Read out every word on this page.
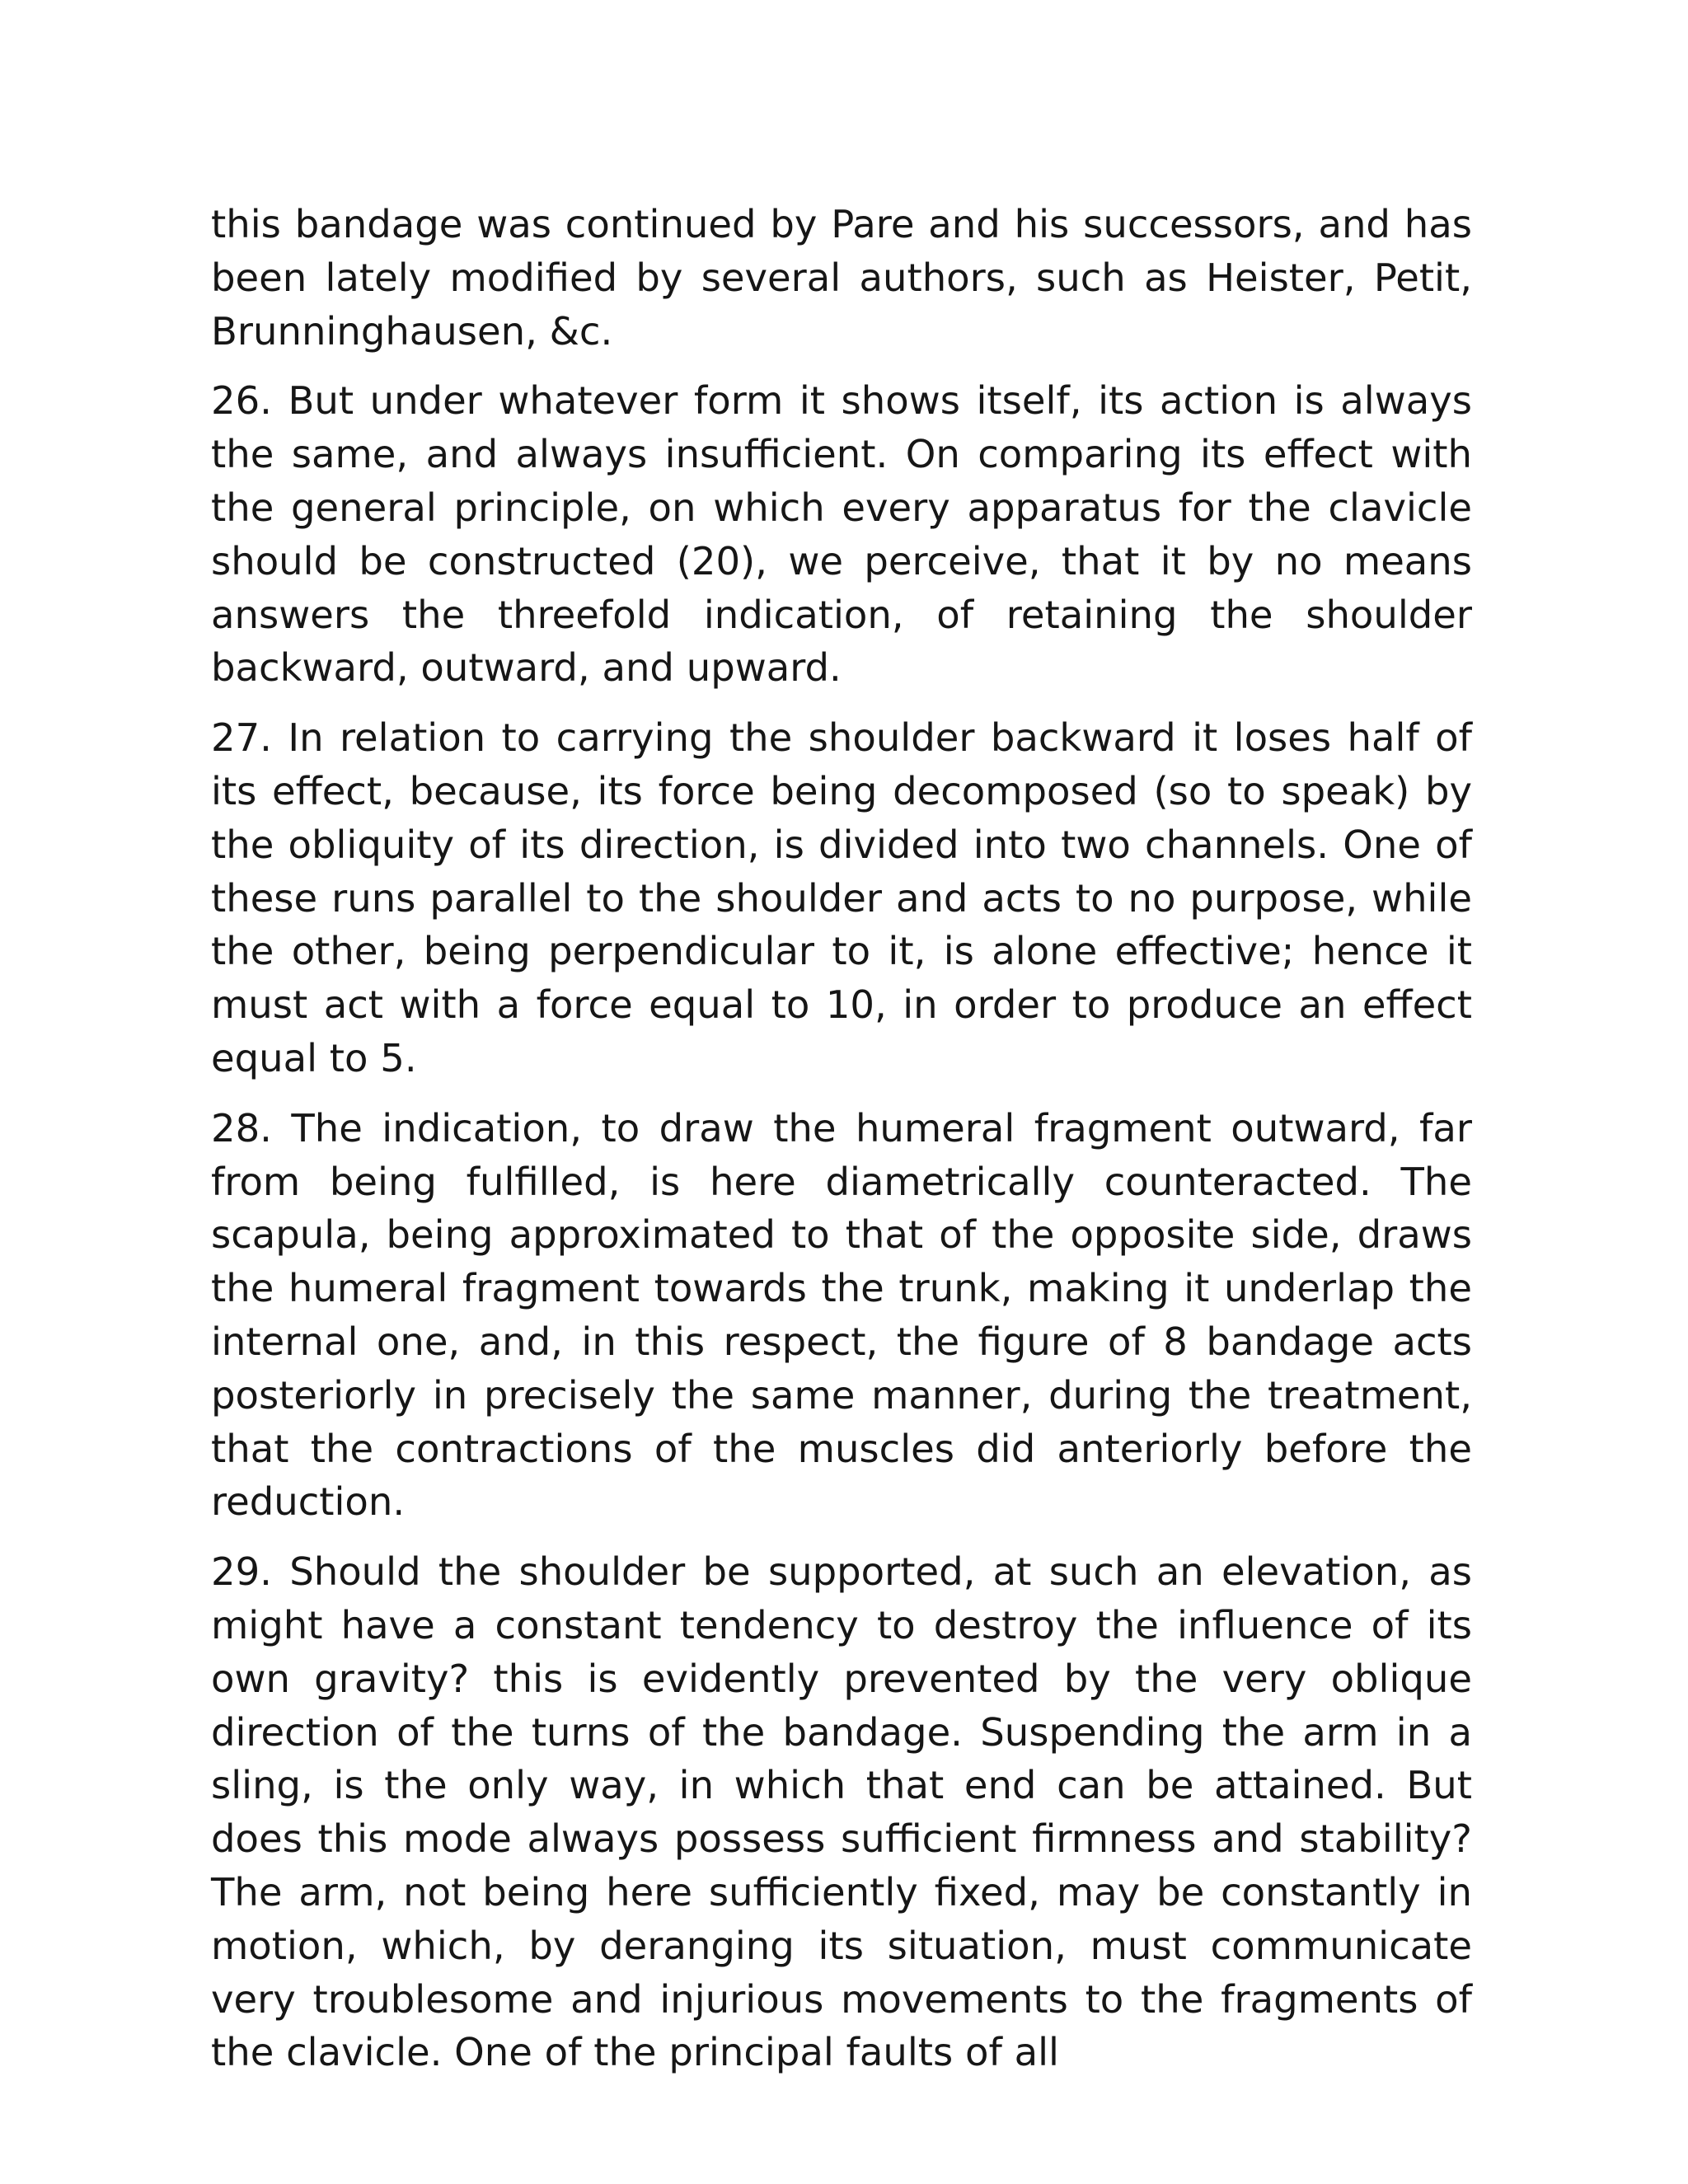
this bandage was continued by Pare and his successors, and has been lately modified by several authors, such as Heister, Petit, Brunninghausen, &c.

26. But under whatever form it shows itself, its action is always the same, and always insufficient. On comparing its effect with the general principle, on which every apparatus for the clavicle should be constructed (20), we perceive, that it by no means answers the threefold indication, of retaining the shoulder backward, outward, and upward.

27. In relation to carrying the shoulder backward it loses half of its effect, because, its force being decomposed (so to speak) by the obliquity of its direction, is divided into two channels. One of these runs parallel to the shoulder and acts to no purpose, while the other, being perpendicular to it, is alone effective; hence it must act with a force equal to 10, in order to produce an effect equal to 5.

28. The indication, to draw the humeral fragment outward, far from being fulfilled, is here diametrically counteracted. The scapula, being approximated to that of the opposite side, draws the humeral fragment towards the trunk, making it underlap the internal one, and, in this respect, the figure of 8 bandage acts posteriorly in precisely the same manner, during the treatment, that the contractions of the muscles did anteriorly before the reduction.

29. Should the shoulder be supported, at such an elevation, as might have a constant tendency to destroy the influence of its own gravity? this is evidently prevented by the very oblique direction of the turns of the bandage. Suspending the arm in a sling, is the only way, in which that end can be attained. But does this mode always possess sufficient firmness and stability? The arm, not being here sufficiently fixed, may be constantly in motion, which, by deranging its situation, must communicate very troublesome and injurious movements to the fragments of the clavicle. One of the principal faults of all
